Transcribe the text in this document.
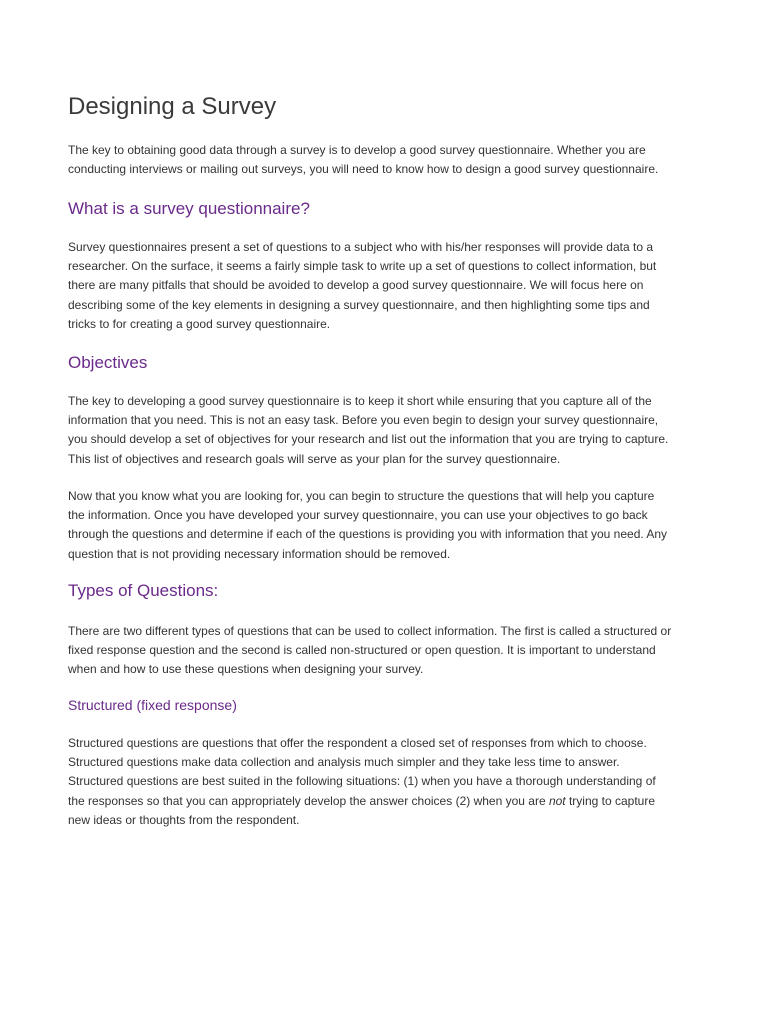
Designing a Survey
The key to obtaining good data through a survey is to develop a good survey questionnaire. Whether you are
conducting interviews or mailing out surveys, you will need to know how to design a good survey questionnaire.
What is a survey questionnaire?
Survey questionnaires present a set of questions to a subject who with his/her responses will provide data to a
researcher. On the surface, it seems a fairly simple task to write up a set of questions to collect information, but
there are many pitfalls that should be avoided to develop a good survey questionnaire. We will focus here on
describing some of the key elements in designing a survey questionnaire, and then highlighting some tips and
tricks to for creating a good survey questionnaire.
Objectives
The key to developing a good survey questionnaire is to keep it short while ensuring that you capture all of the
information that you need. This is not an easy task. Before you even begin to design your survey questionnaire,
you should develop a set of objectives for your research and list out the information that you are trying to capture.
This list of objectives and research goals will serve as your plan for the survey questionnaire.
Now that you know what you are looking for, you can begin to structure the questions that will help you capture
the information. Once you have developed your survey questionnaire, you can use your objectives to go back
through the questions and determine if each of the questions is providing you with information that you need. Any
question that is not providing necessary information should be removed.
Types of Questions:
There are two different types of questions that can be used to collect information. The first is called a structured or
fixed response question and the second is called non-structured or open question. It is important to understand
when and how to use these questions when designing your survey.
Structured (fixed response)
Structured questions are questions that offer the respondent a closed set of responses from which to choose.
Structured questions make data collection and analysis much simpler and they take less time to answer.
Structured questions are best suited in the following situations: (1) when you have a thorough understanding of
the responses so that you can appropriately develop the answer choices (2) when you are not trying to capture
new ideas or thoughts from the respondent.
